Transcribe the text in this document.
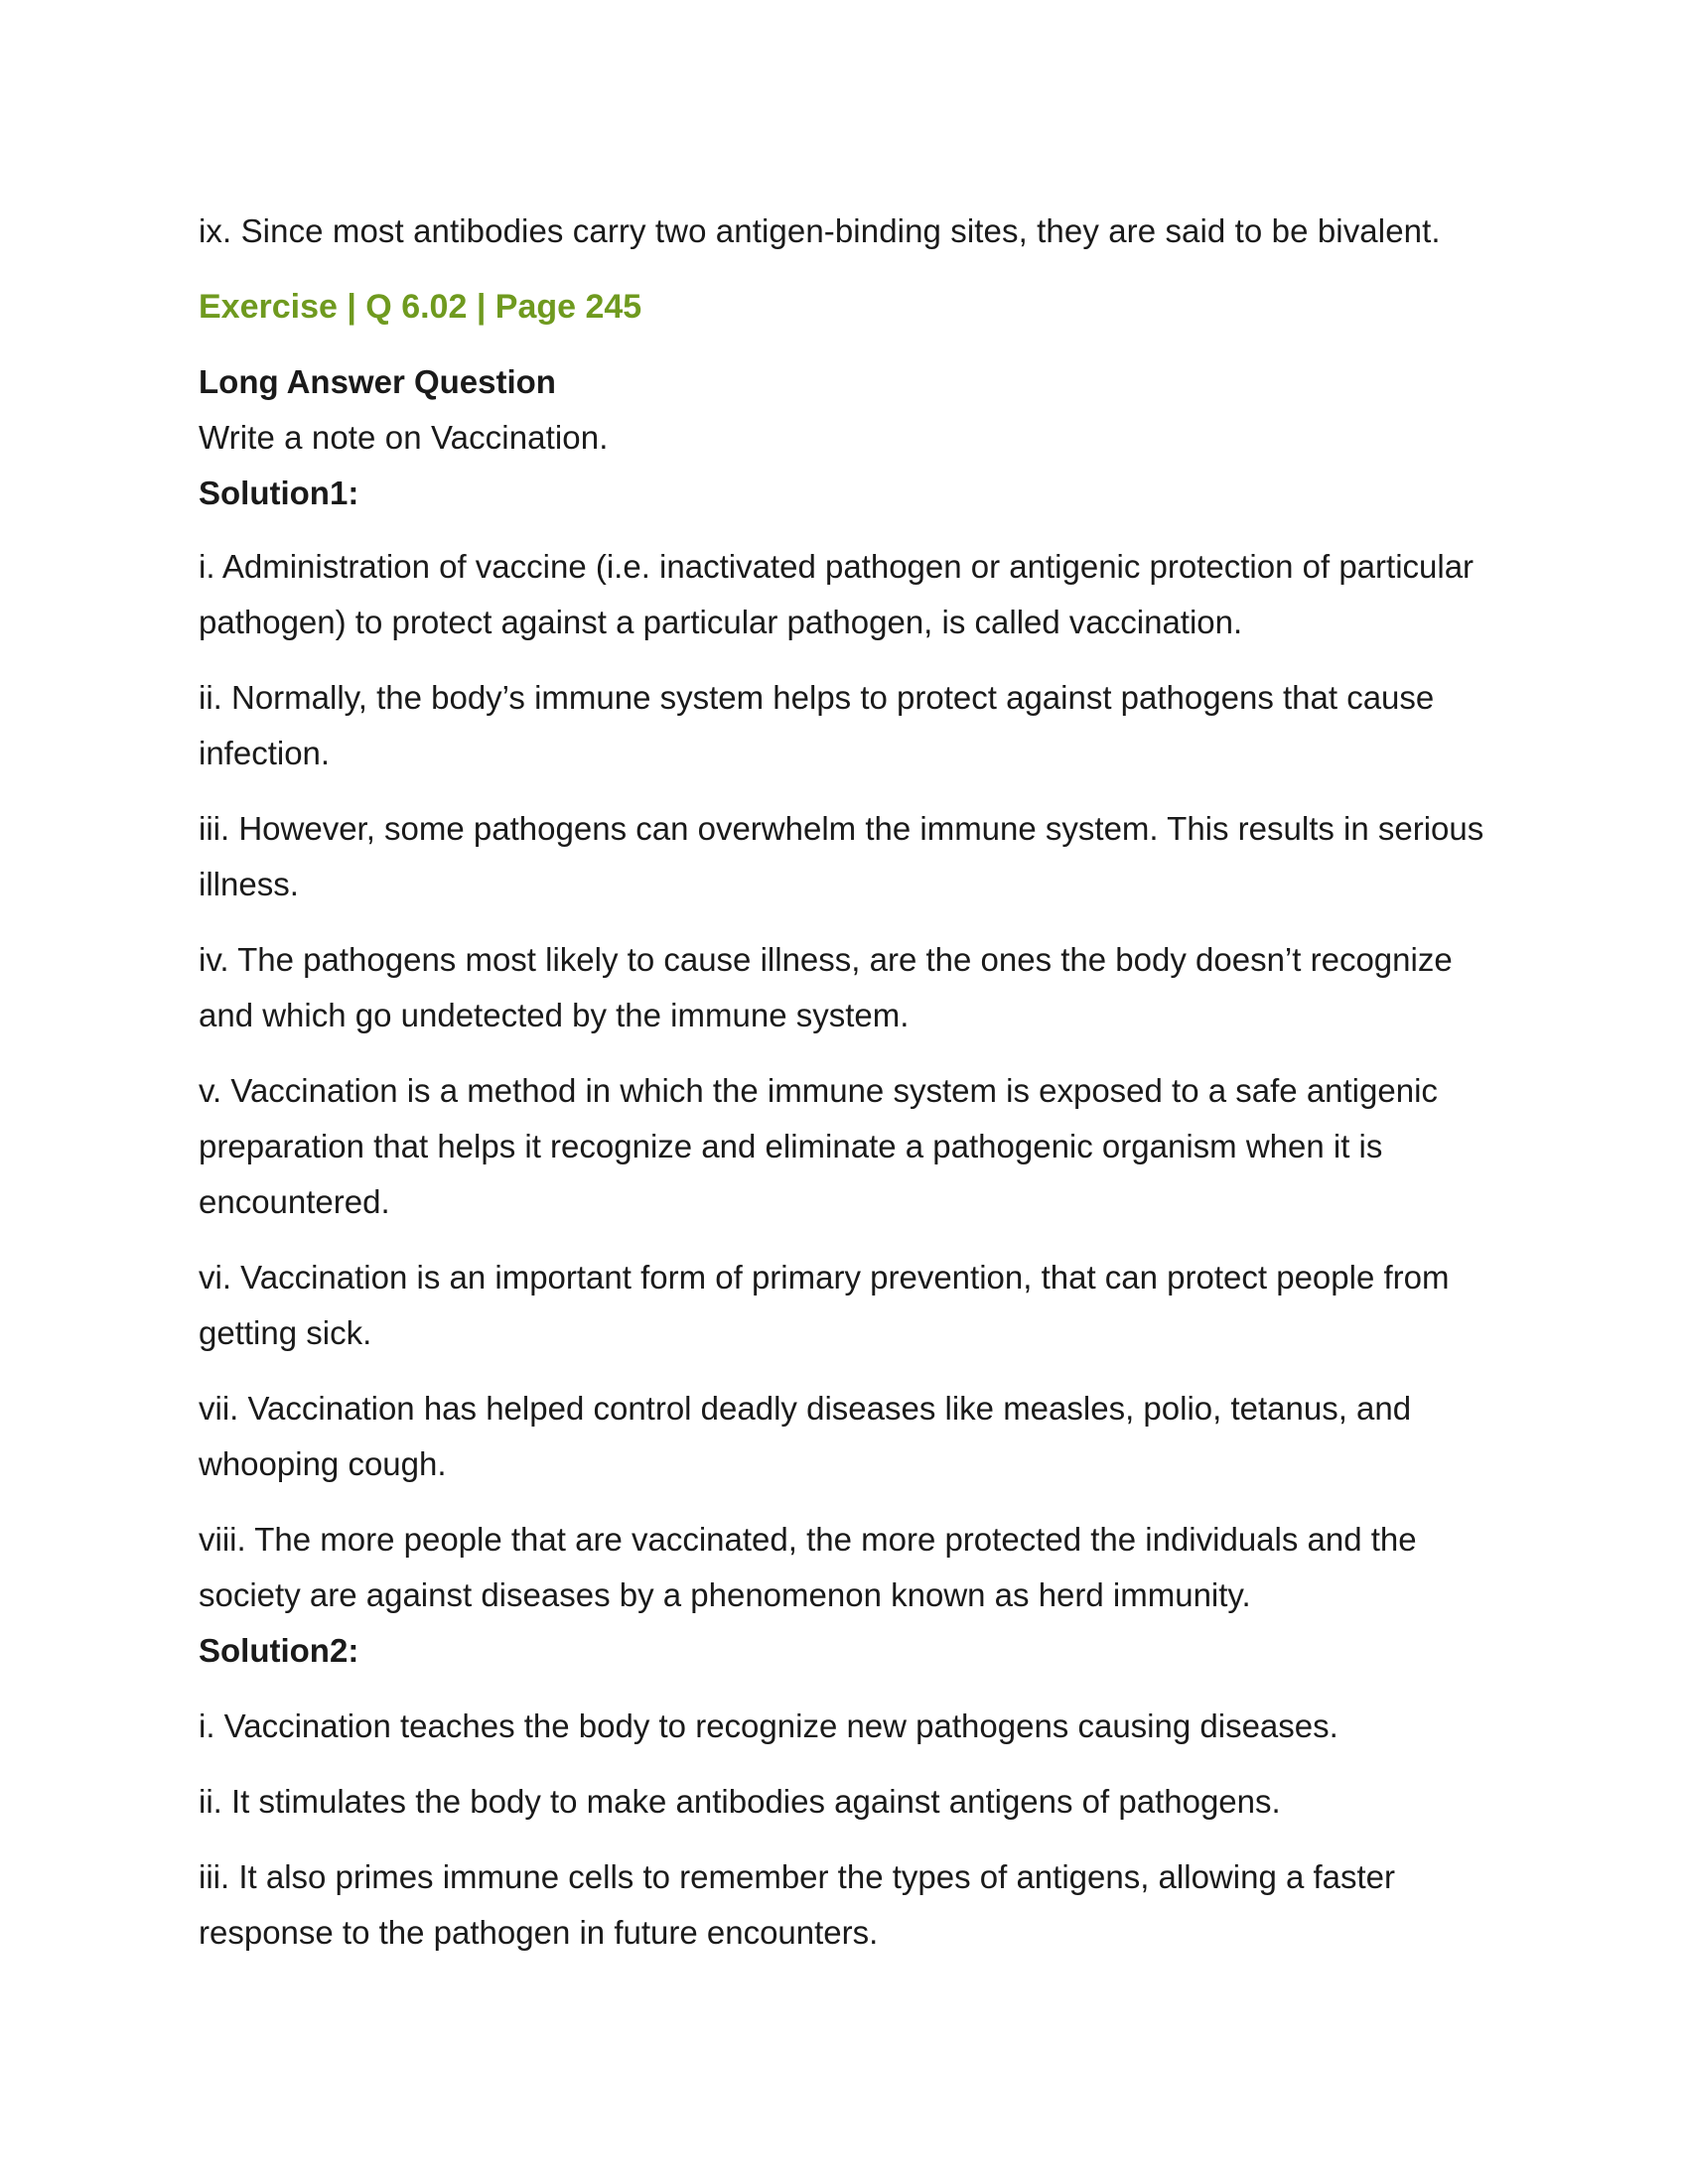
ix. Since most antibodies carry two antigen-binding sites, they are said to be bivalent.

Exercise | Q 6.02 | Page 245

Long Answer Question

Write a note on Vaccination.

Solution1:

i. Administration of vaccine (i.e. inactivated pathogen or antigenic protection of particular pathogen) to protect against a particular pathogen, is called vaccination.

ii. Normally, the body’s immune system helps to protect against pathogens that cause infection.

iii. However, some pathogens can overwhelm the immune system. This results in serious illness.

iv. The pathogens most likely to cause illness, are the ones the body doesn’t recognize and which go undetected by the immune system.

v. Vaccination is a method in which the immune system is exposed to a safe antigenic preparation that helps it recognize and eliminate a pathogenic organism when it is encountered.

vi. Vaccination is an important form of primary prevention, that can protect people from getting sick.

vii. Vaccination has helped control deadly diseases like measles, polio, tetanus, and whooping cough.

viii. The more people that are vaccinated, the more protected the individuals and the society are against diseases by a phenomenon known as herd immunity.

Solution2:

i. Vaccination teaches the body to recognize new pathogens causing diseases.

ii. It stimulates the body to make antibodies against antigens of pathogens.

iii. It also primes immune cells to remember the types of antigens, allowing a faster response to the pathogen in future encounters.
